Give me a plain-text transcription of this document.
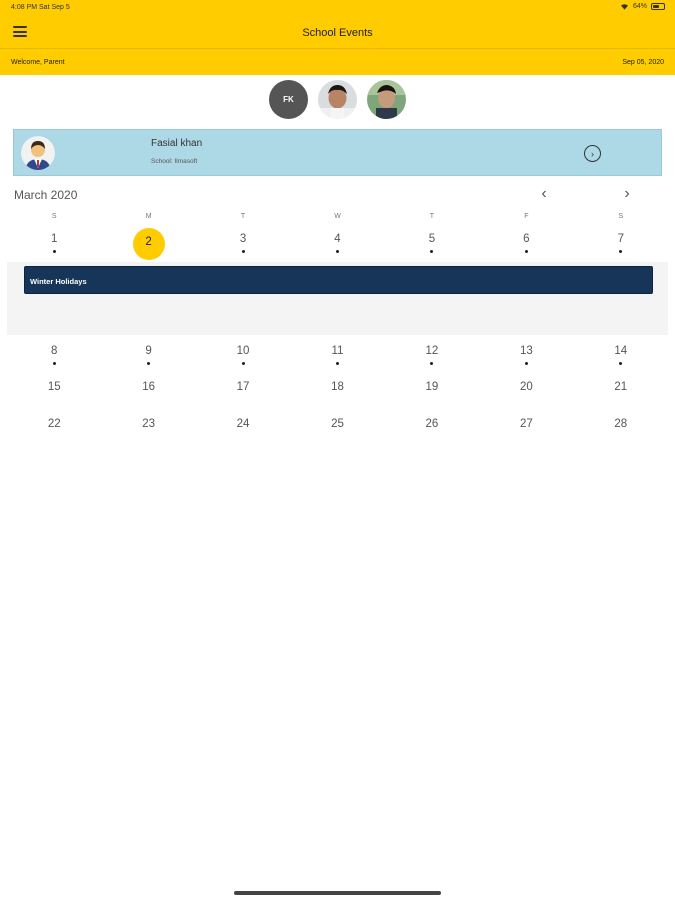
4:08 PM Sat Sep 5	64%
School Events
Welcome, Parent	Sep 05, 2020
FK
Fasial khan
School: Ilmasoft
›
March 2020	‹	›
S	M	T	W	T	F	S
1	2	3	4	5	6	7
Winter Holidays
8	9	10	11	12	13	14
15	16	17	18	19	20	21
22	23	24	25	26	27	28
